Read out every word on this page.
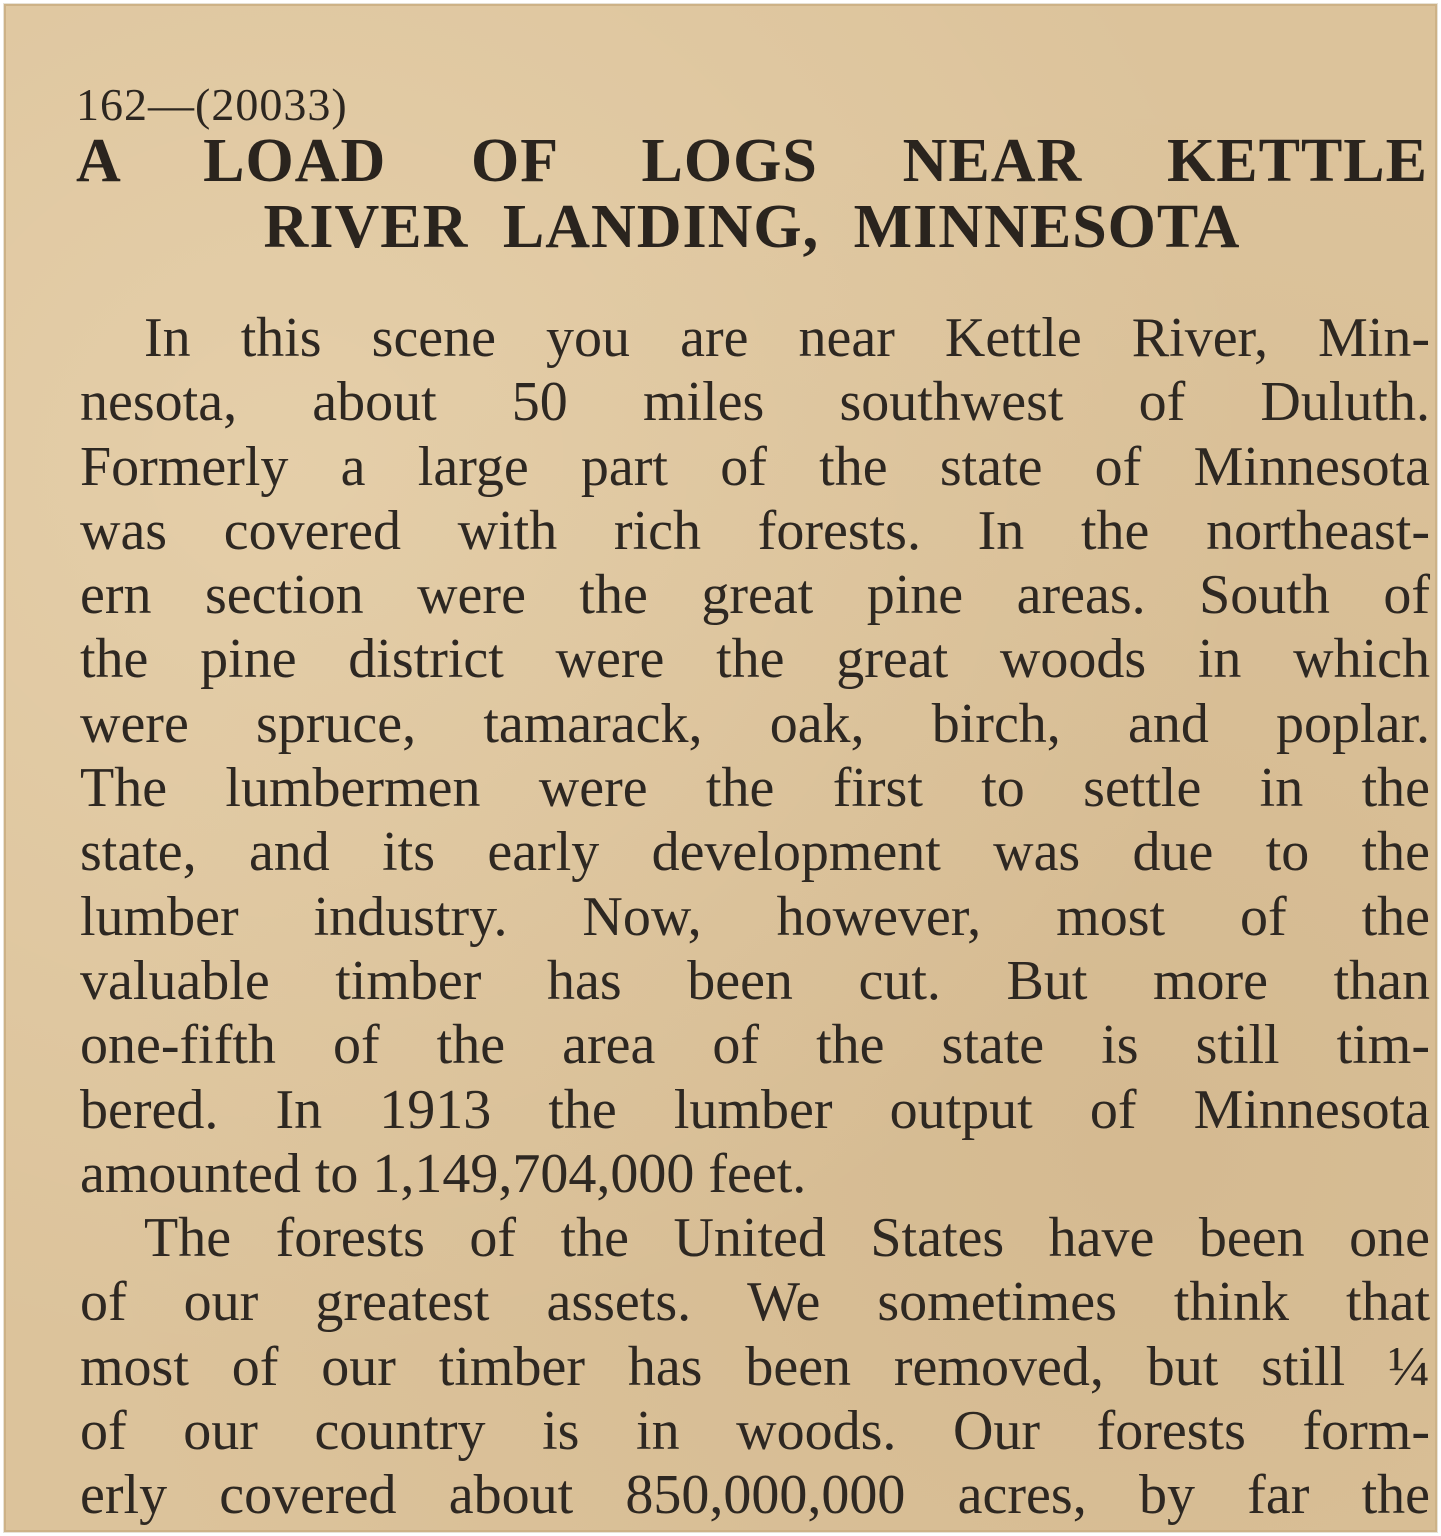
162—(20033)

A LOAD OF LOGS NEAR KETTLE
RIVER LANDING, MINNESOTA

In this scene you are near Kettle River, Min-
nesota, about 50 miles southwest of Duluth.
Formerly a large part of the state of Minnesota
was covered with rich forests. In the northeast-
ern section were the great pine areas. South of
the pine district were the great woods in which
were spruce, tamarack, oak, birch, and poplar.
The lumbermen were the first to settle in the
state, and its early development was due to the
lumber industry. Now, however, most of the
valuable timber has been cut. But more than
one-fifth of the area of the state is still tim-
bered. In 1913 the lumber output of Minnesota
amounted to 1,149,704,000 feet.

The forests of the United States have been one
of our greatest assets. We sometimes think that
most of our timber has been removed, but still ¼
of our country is in woods. Our forests form-
erly covered about 850,000,000 acres, by far the
